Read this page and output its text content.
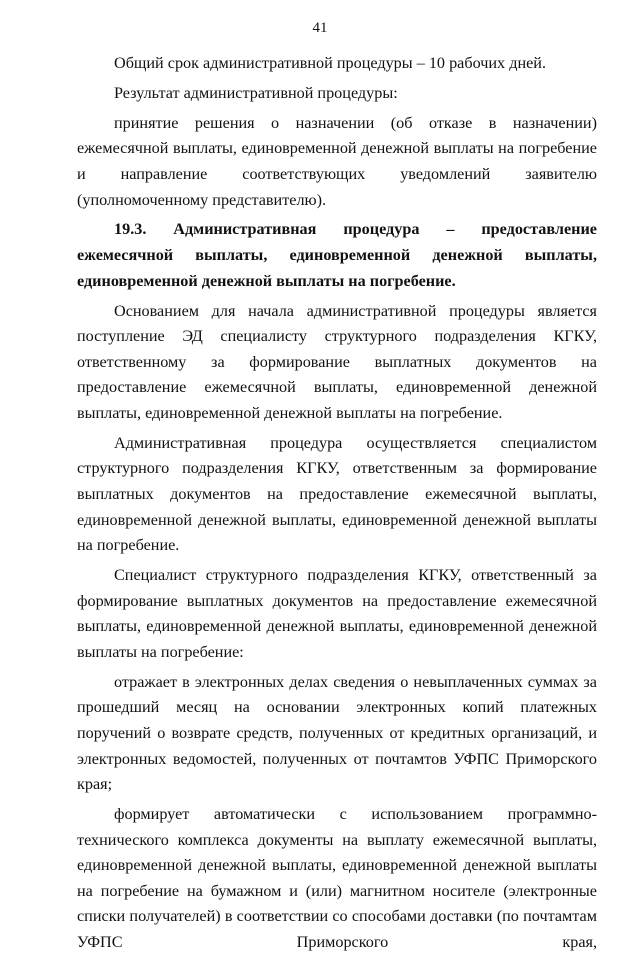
41

Общий срок административной процедуры – 10 рабочих дней.

Результат административной процедуры:

принятие решения о назначении (об отказе в назначении) ежемесячной выплаты, единовременной денежной выплаты на погребение и направление соответствующих уведомлений заявителю (уполномоченному представителю).

19.3. Административная процедура – предоставление ежемесячной выплаты, единовременной денежной выплаты, единовременной денежной выплаты на погребение.

Основанием для начала административной процедуры является поступление ЭД специалисту структурного подразделения КГКУ, ответственному за формирование выплатных документов на предоставление ежемесячной выплаты, единовременной денежной выплаты, единовременной денежной выплаты на погребение.

Административная процедура осуществляется специалистом структурного подразделения КГКУ, ответственным за формирование выплатных документов на предоставление ежемесячной выплаты, единовременной денежной выплаты, единовременной денежной выплаты на погребение.

Специалист структурного подразделения КГКУ, ответственный за формирование выплатных документов на предоставление ежемесячной выплаты, единовременной денежной выплаты, единовременной денежной выплаты на погребение:

отражает в электронных делах сведения о невыплаченных суммах за прошедший месяц на основании электронных копий платежных поручений о возврате средств, полученных от кредитных организаций, и электронных ведомостей, полученных от почтамтов УФПС Приморского края;

формирует автоматически с использованием программно-технического комплекса документы на выплату ежемесячной выплаты, единовременной денежной выплаты, единовременной денежной выплаты на погребение на бумажном и (или) магнитном носителе (электронные списки получателей) в соответствии со способами доставки (по почтамтам УФПС Приморского края,
